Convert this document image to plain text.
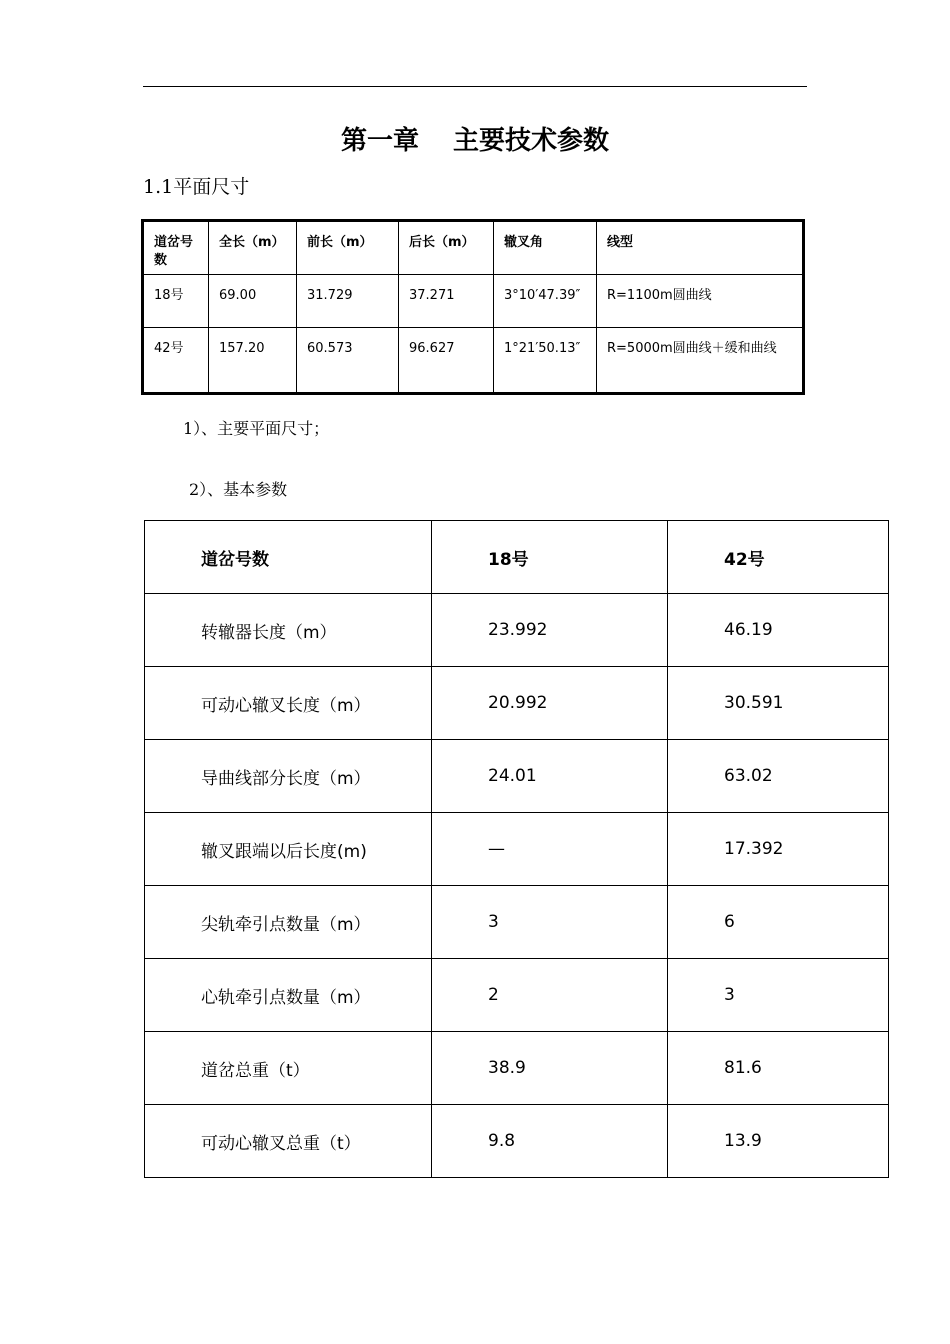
第一章 主要技术参数
1.1平面尺寸
道岔号数	全长（m）	前长（m）	后长（m）	辙叉角	线型
18号	69.00	31.729	37.271	3°10′47.39″	R=1100m圆曲线
42号	157.20	60.573	96.627	1°21′50.13″	R=5000m圆曲线＋缓和曲线
1）、主要平面尺寸；
2）、基本参数
道岔号数	18号	42号
转辙器长度（m）	23.992	46.19
可动心辙叉长度（m）	20.992	30.591
导曲线部分长度（m）	24.01	63.02
辙叉跟端以后长度(m)	—	17.392
尖轨牵引点数量（m）	3	6
心轨牵引点数量（m）	2	3
道岔总重（t）	38.9	81.6
可动心辙叉总重（t）	9.8	13.9
